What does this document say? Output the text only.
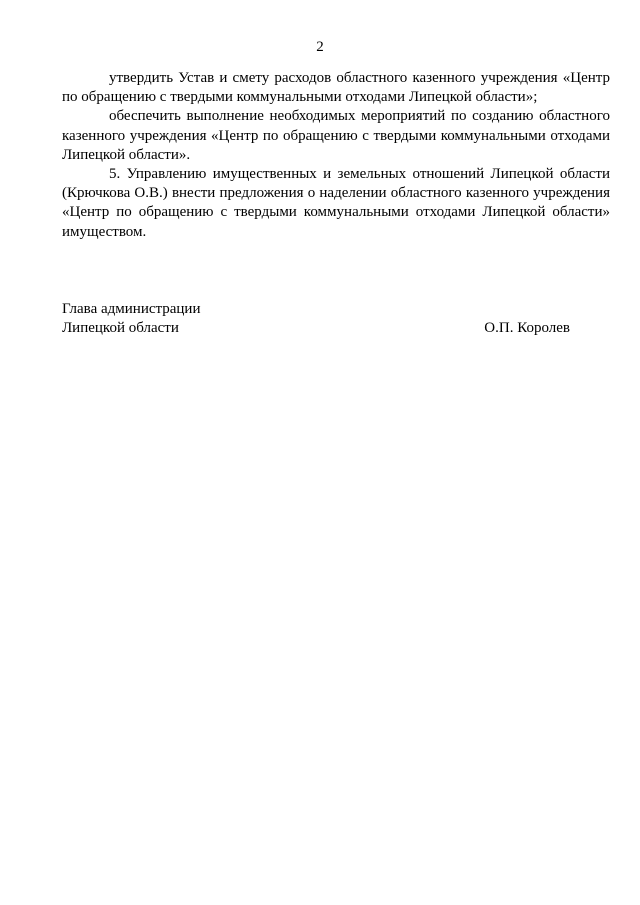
2

утвердить Устав и смету расходов областного казенного учреждения «Центр по обращению с твердыми коммунальными отходами Липецкой области»;

обеспечить выполнение необходимых мероприятий по созданию областного казенного учреждения «Центр по обращению с твердыми коммунальными отходами Липецкой области».

5. Управлению имущественных и земельных отношений Липецкой области (Крючкова О.В.) внести предложения о наделении областного казенного учреждения «Центр по обращению с твердыми коммунальными отходами Липецкой области» имуществом.

Глава администрации
Липецкой области	О.П. Королев
